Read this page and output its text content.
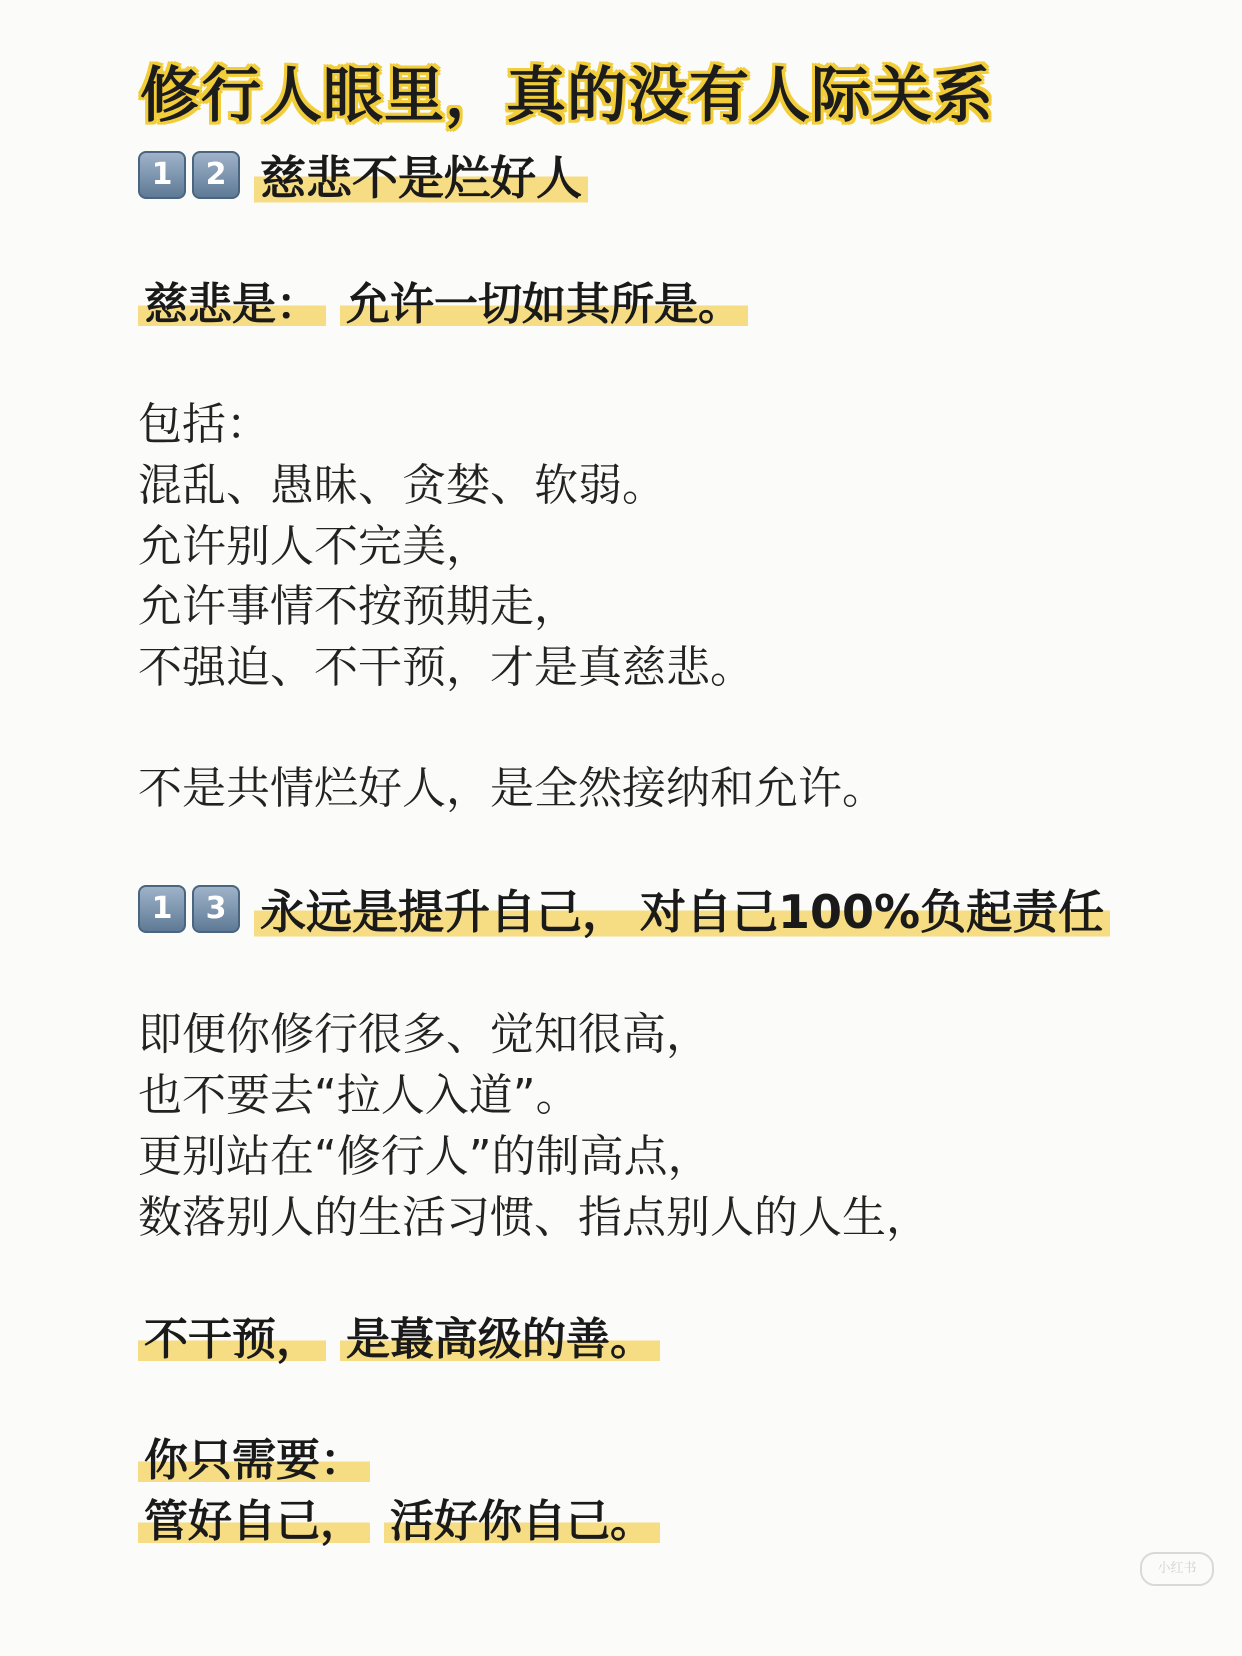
修行人眼里，真的没有人际关系
1	2 慈悲不是烂好人
慈悲是： 允许一切如其所是。
包括：
混乱、愚昧、贪婪、软弱。
允许别人不完美，
允许事情不按预期走，
不强迫、不干预，才是真慈悲。
不是共情烂好人，是全然接纳和允许。
1	3 永远是提升自己， 对自己100%负起责任
即便你修行很多、觉知很高，
也不要去“拉人入道”。
更别站在“修行人”的制高点，
数落别人的生活习惯、指点别人的人生，
不干预， 是蕞高级的善。
你只需要：
管好自己， 活好你自己。
小红书
